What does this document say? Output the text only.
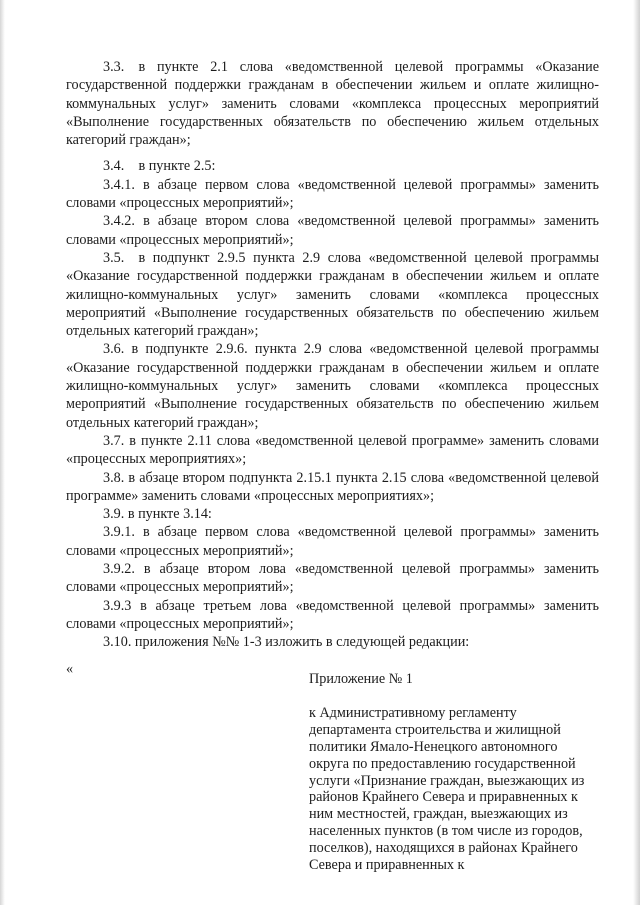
3.3. в пункте 2.1 слова «ведомственной целевой программы «Оказание государственной поддержки гражданам в обеспечении жильем и оплате жилищно-коммунальных услуг» заменить словами «комплекса процессных мероприятий «Выполнение государственных обязательств по обеспечению жильем отдельных категорий граждан»;

3.4. в пункте 2.5:

3.4.1. в абзаце первом слова «ведомственной целевой программы» заменить словами «процессных мероприятий»;

3.4.2. в абзаце втором слова «ведомственной целевой программы» заменить словами «процессных мероприятий»;

3.5. в подпункт 2.9.5 пункта 2.9 слова «ведомственной целевой программы «Оказание государственной поддержки гражданам в обеспечении жильем и оплате жилищно-коммунальных услуг» заменить словами «комплекса процессных мероприятий «Выполнение государственных обязательств по обеспечению жильем отдельных категорий граждан»;

3.6. в подпункте 2.9.6. пункта 2.9 слова «ведомственной целевой программы «Оказание государственной поддержки гражданам в обеспечении жильем и оплате жилищно-коммунальных услуг» заменить словами «комплекса процессных мероприятий «Выполнение государственных обязательств по обеспечению жильем отдельных категорий граждан»;

3.7. в пункте 2.11 слова «ведомственной целевой программе» заменить словами «процессных мероприятиях»;

3.8. в абзаце втором подпункта 2.15.1 пункта 2.15 слова «ведомственной целевой программе» заменить словами «процессных мероприятиях»;

3.9. в пункте 3.14:

3.9.1. в абзаце первом слова «ведомственной целевой программы» заменить словами «процессных мероприятий»;

3.9.2. в абзаце втором лова «ведомственной целевой программы» заменить словами «процессных мероприятий»;

3.9.3 в абзаце третьем лова «ведомственной целевой программы» заменить словами «процессных мероприятий»;

3.10. приложения №№ 1-3 изложить в следующей редакции:

«

Приложение № 1

к Административному регламенту департамента строительства и жилищной политики Ямало-Ненецкого автономного округа по предоставлению государственной услуги «Признание граждан, выезжающих из районов Крайнего Севера и приравненных к ним местностей, граждан, выезжающих из населенных пунктов (в том числе из городов, поселков), находящихся в районах Крайнего Севера и приравненных к
